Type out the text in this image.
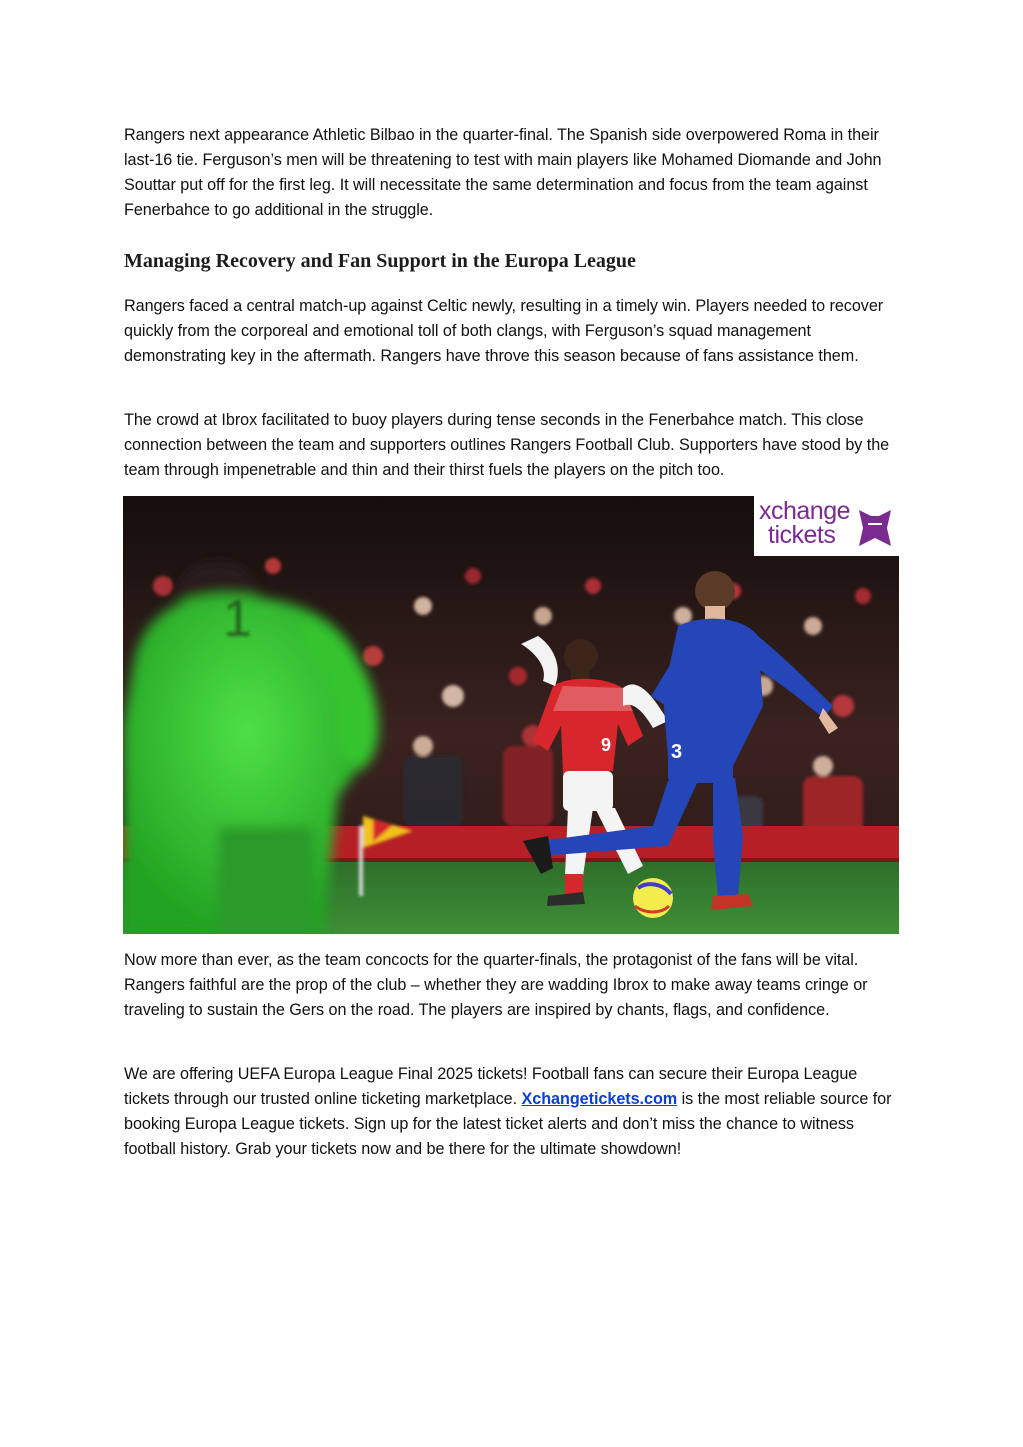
Rangers next appearance Athletic Bilbao in the quarter-final. The Spanish side overpowered Roma in their last-16 tie. Ferguson’s men will be threatening to test with main players like Mohamed Diomande and John Souttar put off for the first leg. It will necessitate the same determination and focus from the team against Fenerbahce to go additional in the struggle.

Managing Recovery and Fan Support in the Europa League

Rangers faced a central match-up against Celtic newly, resulting in a timely win. Players needed to recover quickly from the corporeal and emotional toll of both clangs, with Ferguson’s squad management demonstrating key in the aftermath. Rangers have throve this season because of fans assistance them.

The crowd at Ibrox facilitated to buoy players during tense seconds in the Fenerbahce match. This close connection between the team and supporters outlines Rangers Football Club. Supporters have stood by the team through impenetrable and thin and their thirst fuels the players on the pitch too.

1
9	3
xchange
tickets

Now more than ever, as the team concocts for the quarter-finals, the protagonist of the fans will be vital. Rangers faithful are the prop of the club – whether they are wadding Ibrox to make away teams cringe or traveling to sustain the Gers on the road. The players are inspired by chants, flags, and confidence.

We are offering UEFA Europa League Final 2025 tickets! Football fans can secure their Europa League tickets through our trusted online ticketing marketplace. Xchangetickets.com is the most reliable source for booking Europa League tickets. Sign up for the latest ticket alerts and don’t miss the chance to witness football history. Grab your tickets now and be there for the ultimate showdown!
